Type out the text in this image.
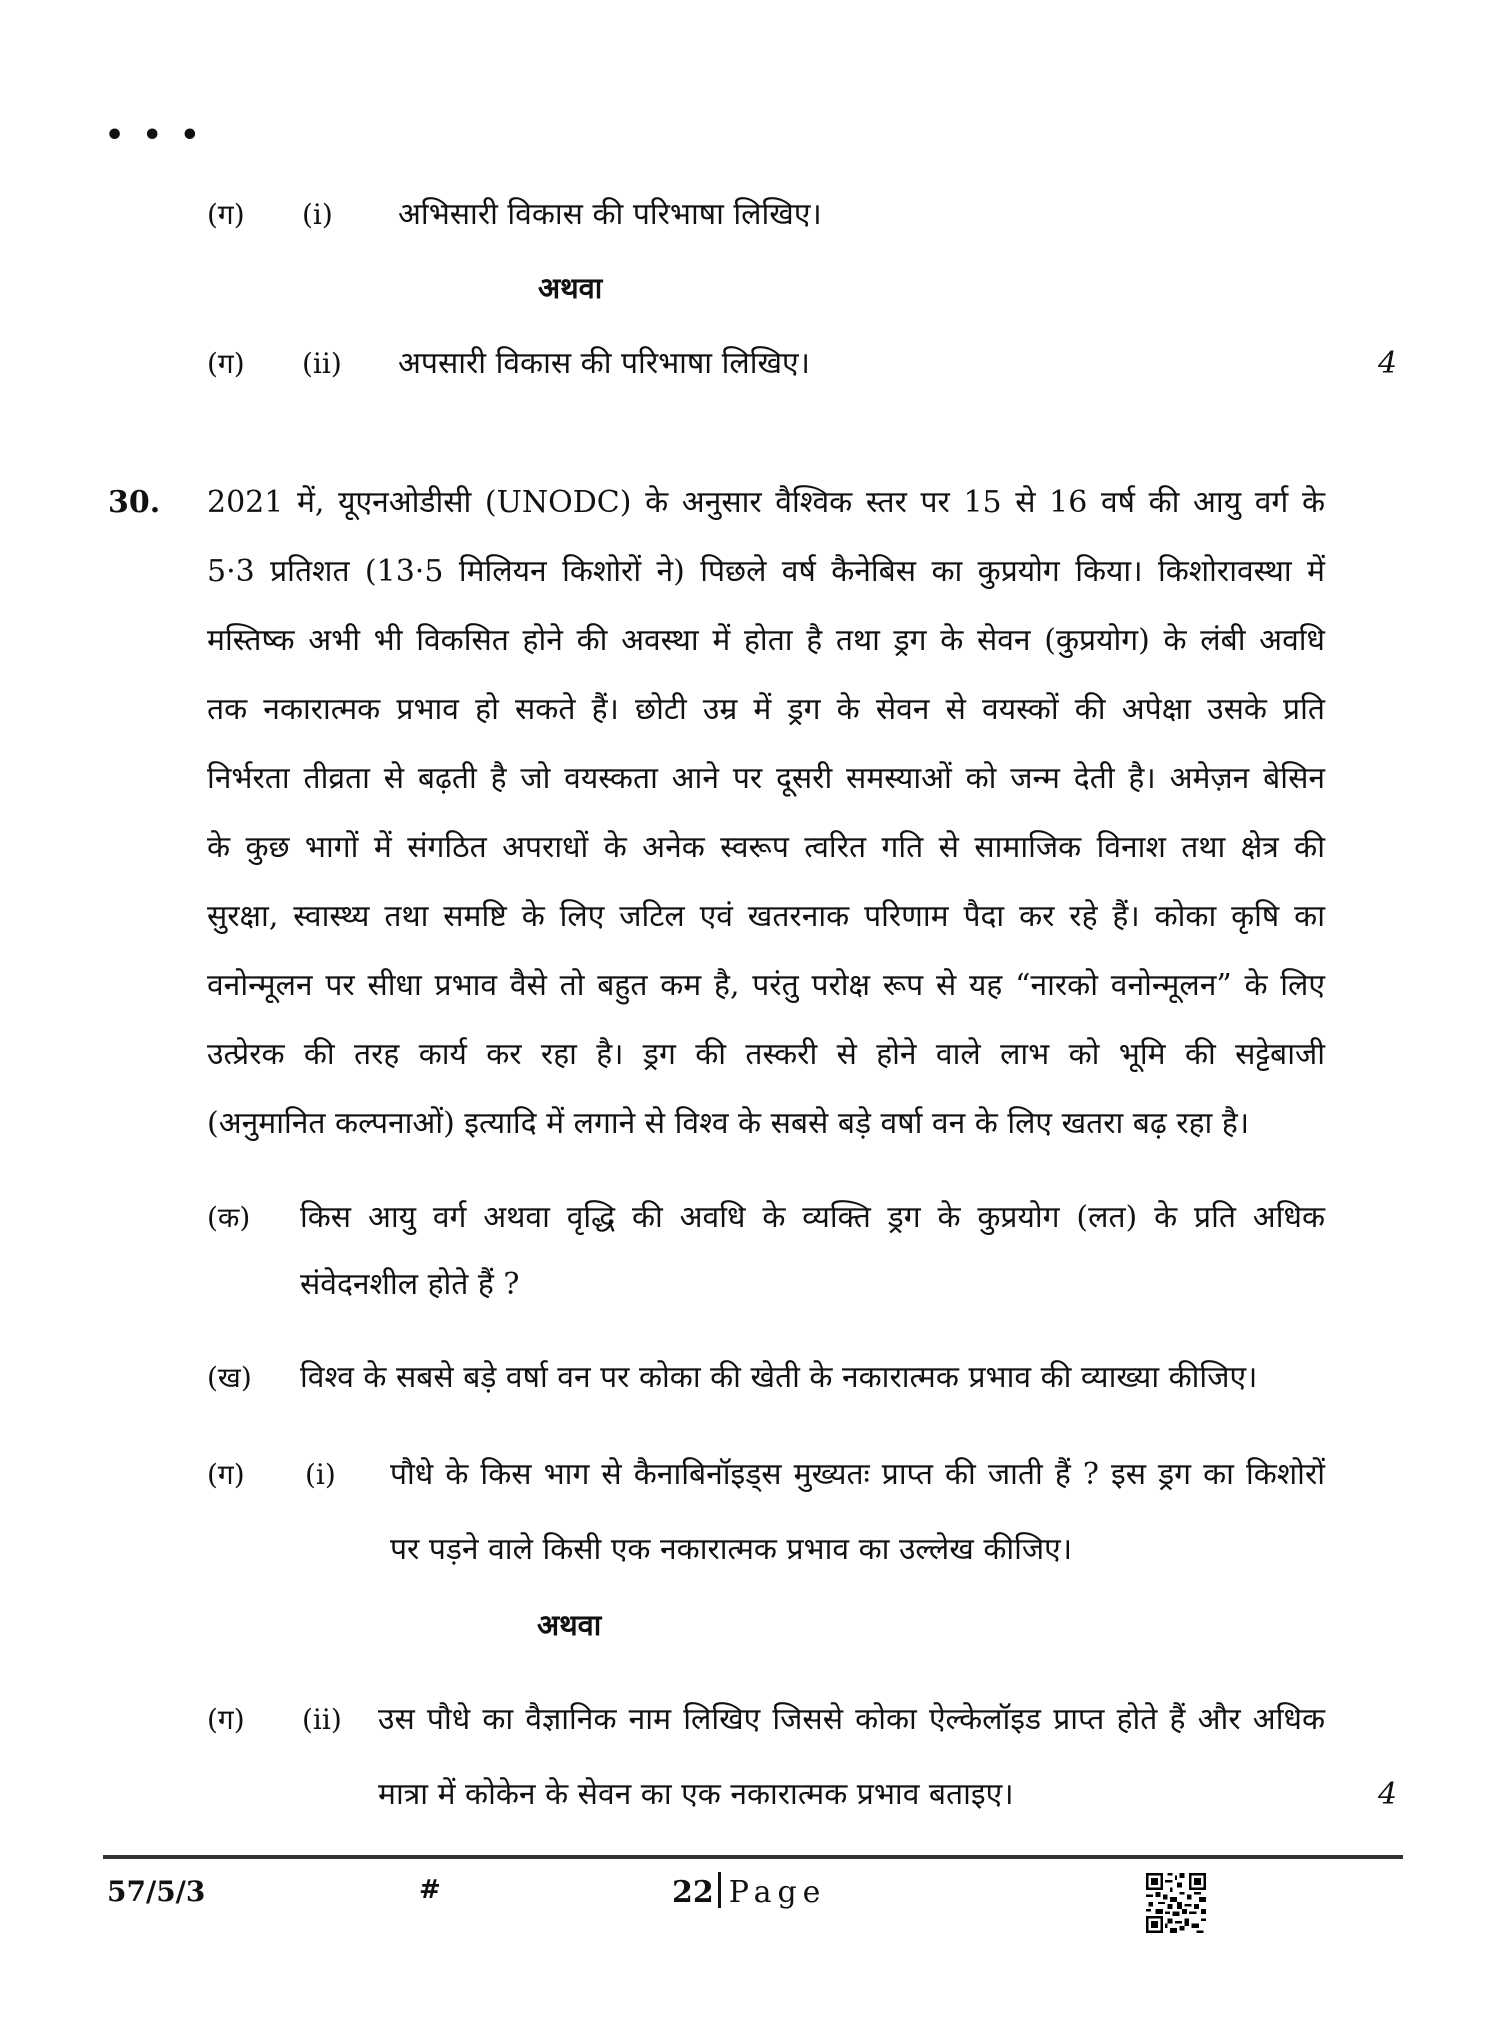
• • •
(ग) (i) अभिसारी विकास की परिभाषा लिखिए।
अथवा
(ग) (ii) अपसारी विकास की परिभाषा लिखिए।	4
30. 2021 में, यूएनओडीसी (UNODC) के अनुसार वैश्विक स्तर पर 15 से 16 वर्ष की आयु वर्ग के
5·3 प्रतिशत (13·5 मिलियन किशोरों ने) पिछले वर्ष कैनेबिस का कुप्रयोग किया। किशोरावस्था में
मस्तिष्क अभी भी विकसित होने की अवस्था में होता है तथा ड्रग के सेवन (कुप्रयोग) के लंबी अवधि
तक नकारात्मक प्रभाव हो सकते हैं। छोटी उम्र में ड्रग के सेवन से वयस्कों की अपेक्षा उसके प्रति
निर्भरता तीव्रता से बढ़ती है जो वयस्कता आने पर दूसरी समस्याओं को जन्म देती है। अमेज़न बेसिन
के कुछ भागों में संगठित अपराधों के अनेक स्वरूप त्वरित गति से सामाजिक विनाश तथा क्षेत्र की
सुरक्षा, स्वास्थ्य तथा समष्टि के लिए जटिल एवं खतरनाक परिणाम पैदा कर रहे हैं। कोका कृषि का
वनोन्मूलन पर सीधा प्रभाव वैसे तो बहुत कम है, परंतु परोक्ष रूप से यह “नारको वनोन्मूलन” के लिए
उत्प्रेरक की तरह कार्य कर रहा है। ड्रग की तस्करी से होने वाले लाभ को भूमि की सट्टेबाजी
(अनुमानित कल्पनाओं) इत्यादि में लगाने से विश्व के सबसे बड़े वर्षा वन के लिए खतरा बढ़ रहा है।
(क) किस आयु वर्ग अथवा वृद्धि की अवधि के व्यक्ति ड्रग के कुप्रयोग (लत) के प्रति अधिक
संवेदनशील होते हैं ?
(ख) विश्व के सबसे बड़े वर्षा वन पर कोका की खेती के नकारात्मक प्रभाव की व्याख्या कीजिए।
(ग) (i) पौधे के किस भाग से कैनाबिनॉइड्स मुख्यतः प्राप्त की जाती हैं ? इस ड्रग का किशोरों
पर पड़ने वाले किसी एक नकारात्मक प्रभाव का उल्लेख कीजिए।
अथवा
(ग) (ii) उस पौधे का वैज्ञानिक नाम लिखिए जिससे कोका ऐल्केलॉइड प्राप्त होते हैं और अधिक
मात्रा में कोकेन के सेवन का एक नकारात्मक प्रभाव बताइए।	4
57/5/3	#	22 Page
